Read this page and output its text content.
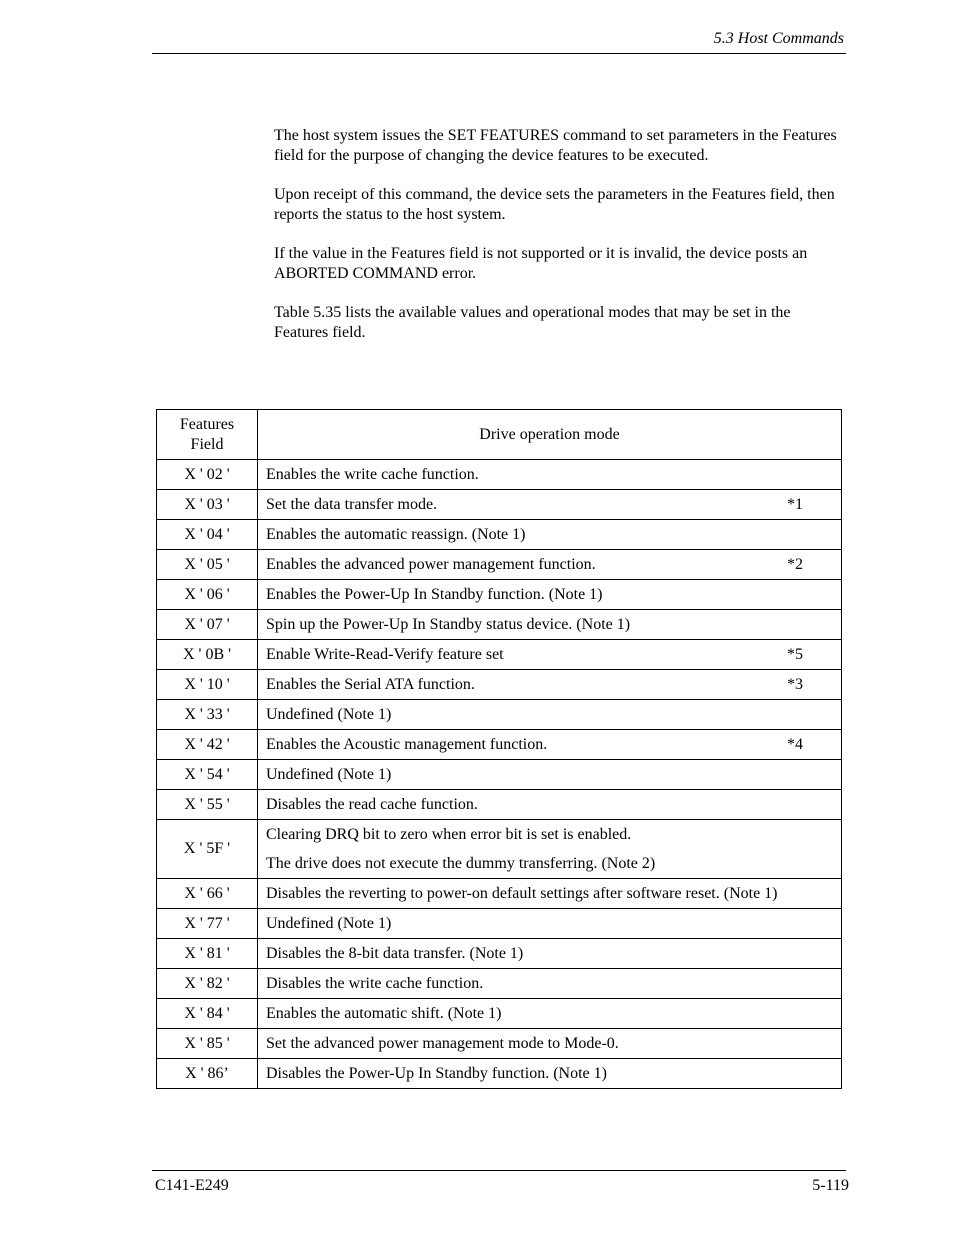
5.3 Host Commands

The host system issues the SET FEATURES command to set parameters in the Features field for the purpose of changing the device features to be executed.

Upon receipt of this command, the device sets the parameters in the Features field, then reports the status to the host system.

If the value in the Features field is not supported or it is invalid, the device posts an ABORTED COMMAND error.

Table 5.35 lists the available values and operational modes that may be set in the Features field.

Features
Field	Drive operation mode
X ' 02 '	Enables the write cache function.

X ' 03 '	Set the data transfer mode. *1

X ' 04 '	Enables the automatic reassign. (Note 1)

X ' 05 '	Enables the advanced power management function. *2

X ' 06 '	Enables the Power-Up In Standby function. (Note 1)

X ' 07 '	Spin up the Power-Up In Standby status device. (Note 1)

X ' 0B '	Enable Write-Read-Verify feature set *5

X ' 10 '	Enables the Serial ATA function. *3

X ' 33 '	Undefined (Note 1)

X ' 42 '	Enables the Acoustic management function. *4

X ' 54 '	Undefined (Note 1)

X ' 55 '	Disables the read cache function.

X ' 5F '	Clearing DRQ bit to zero when error bit is set is enabled.
The drive does not execute the dummy transferring. (Note 2)

X ' 66 '	Disables the reverting to power-on default settings after software reset. (Note 1)

X ' 77 '	Undefined (Note 1)

X ' 81 '	Disables the 8-bit data transfer. (Note 1)

X ' 82 '	Disables the write cache function.

X ' 84 '	Enables the automatic shift. (Note 1)

X ' 85 '	Set the advanced power management mode to Mode-0.

X ' 86’	Disables the Power-Up In Standby function. (Note 1)
C141-E249	5-119
